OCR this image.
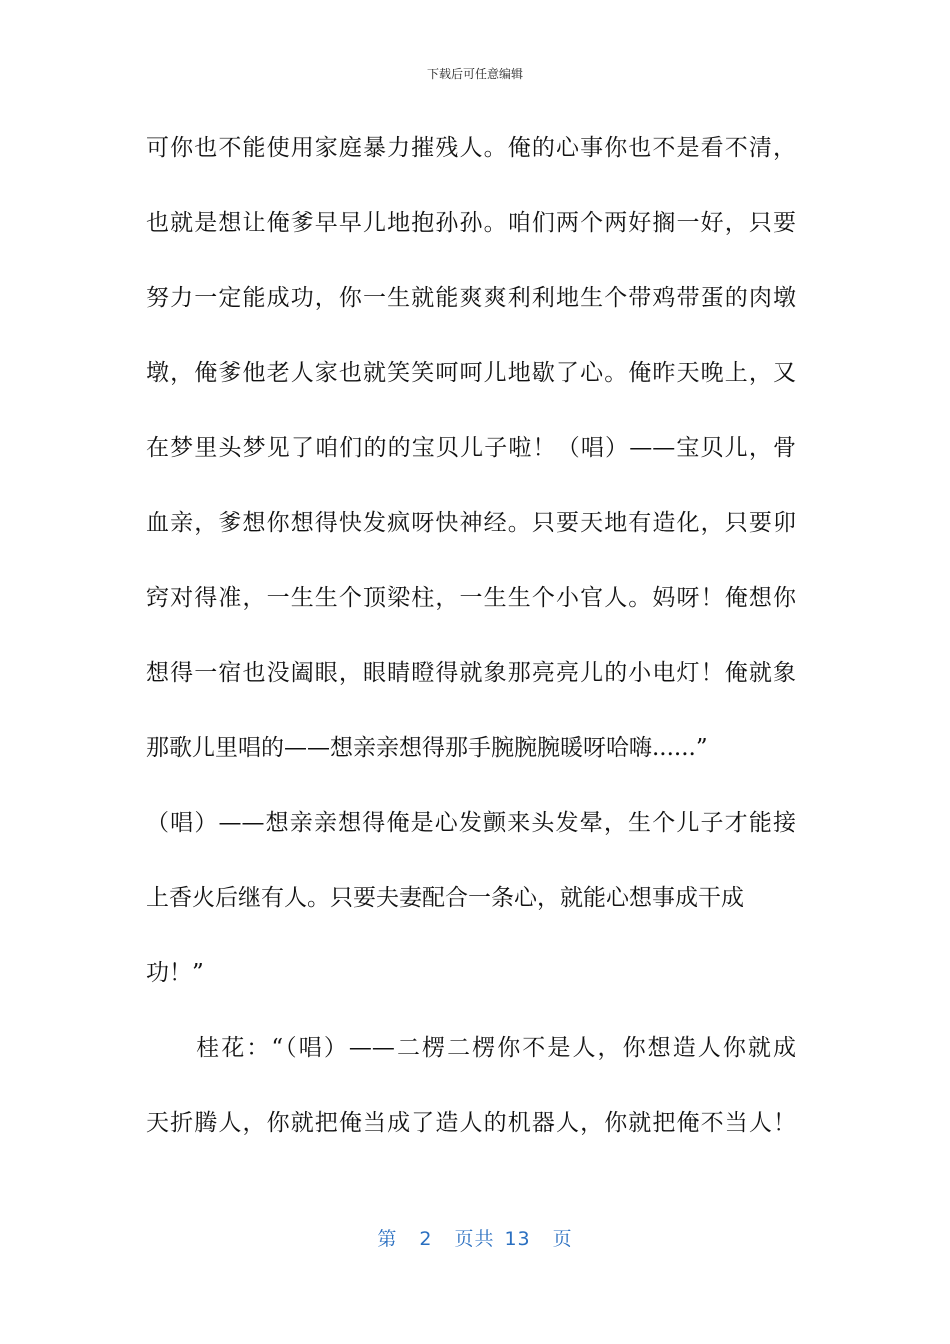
下载后可任意编辑
可你也不能使用家庭暴力摧残人。俺的心事你也不是看不清，
也就是想让俺爹早早儿地抱孙孙。咱们两个两好搁一好，只要
努力一定能成功，你一生就能爽爽利利地生个带鸡带蛋的肉墩
墩，俺爹他老人家也就笑笑呵呵儿地歇了心。俺昨天晚上，又
在梦里头梦见了咱们的的宝贝儿子啦！（唱）——宝贝儿，骨
血亲，爹想你想得快发疯呀快神经。只要天地有造化，只要卯
窍对得准，一生生个顶梁柱，一生生个小官人。妈呀！俺想你
想得一宿也没阖眼，眼睛瞪得就象那亮亮儿的小电灯！俺就象
那歌儿里唱的——想亲亲想得那手腕腕腕暖呀哈嗨......”
（唱）——想亲亲想得俺是心发颤来头发晕，生个儿子才能接
上香火后继有人。只要夫妻配合一条心，就能心想事成干成
功！”
　　桂花：“（唱）——二楞二楞你不是人，你想造人你就成
天折腾人，你就把俺当成了造人的机器人，你就把俺不当人！
第 2 页共 13 页
